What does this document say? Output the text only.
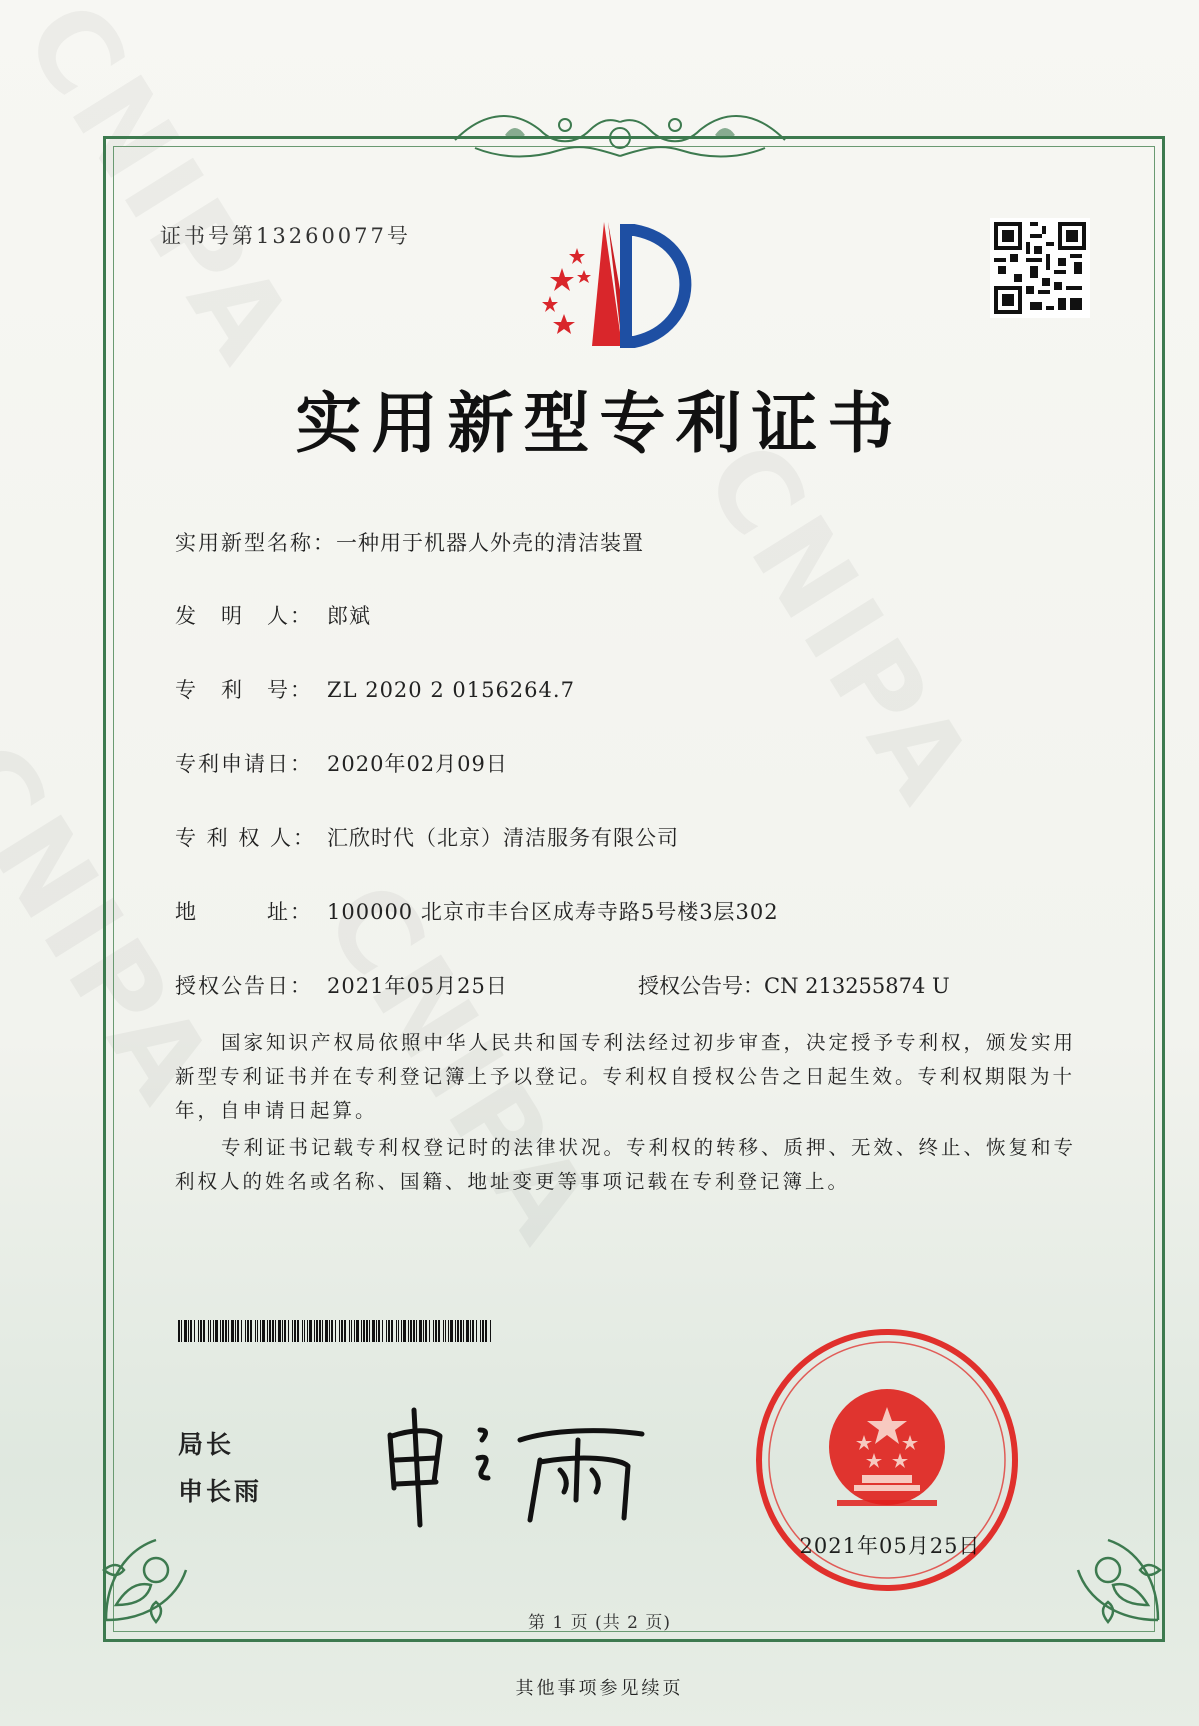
证书号第13260077号
实用新型专利证书
实用新型名称：一种用于机器人外壳的清洁装置
发　明　人： 郎斌
专　利　号： ZL 2020 2 0156264.7
专利申请日： 2020年02月09日
专 利 权 人： 汇欣时代（北京）清洁服务有限公司
地　　　址： 100000 北京市丰台区成寿寺路5号楼3层302
授权公告日： 2021年05月25日	授权公告号：CN 213255874 U
国家知识产权局依照中华人民共和国专利法经过初步审查，决定授予专利权，颁发实用新型专利证书并在专利登记簿上予以登记。专利权自授权公告之日起生效。专利权期限为十年，自申请日起算。
专利证书记载专利权登记时的法律状况。专利权的转移、质押、无效、终止、恢复和专利权人的姓名或名称、国籍、地址变更等事项记载在专利登记簿上。
局长
申长雨
2021年05月25日
第 1 页 (共 2 页)
其他事项参见续页
